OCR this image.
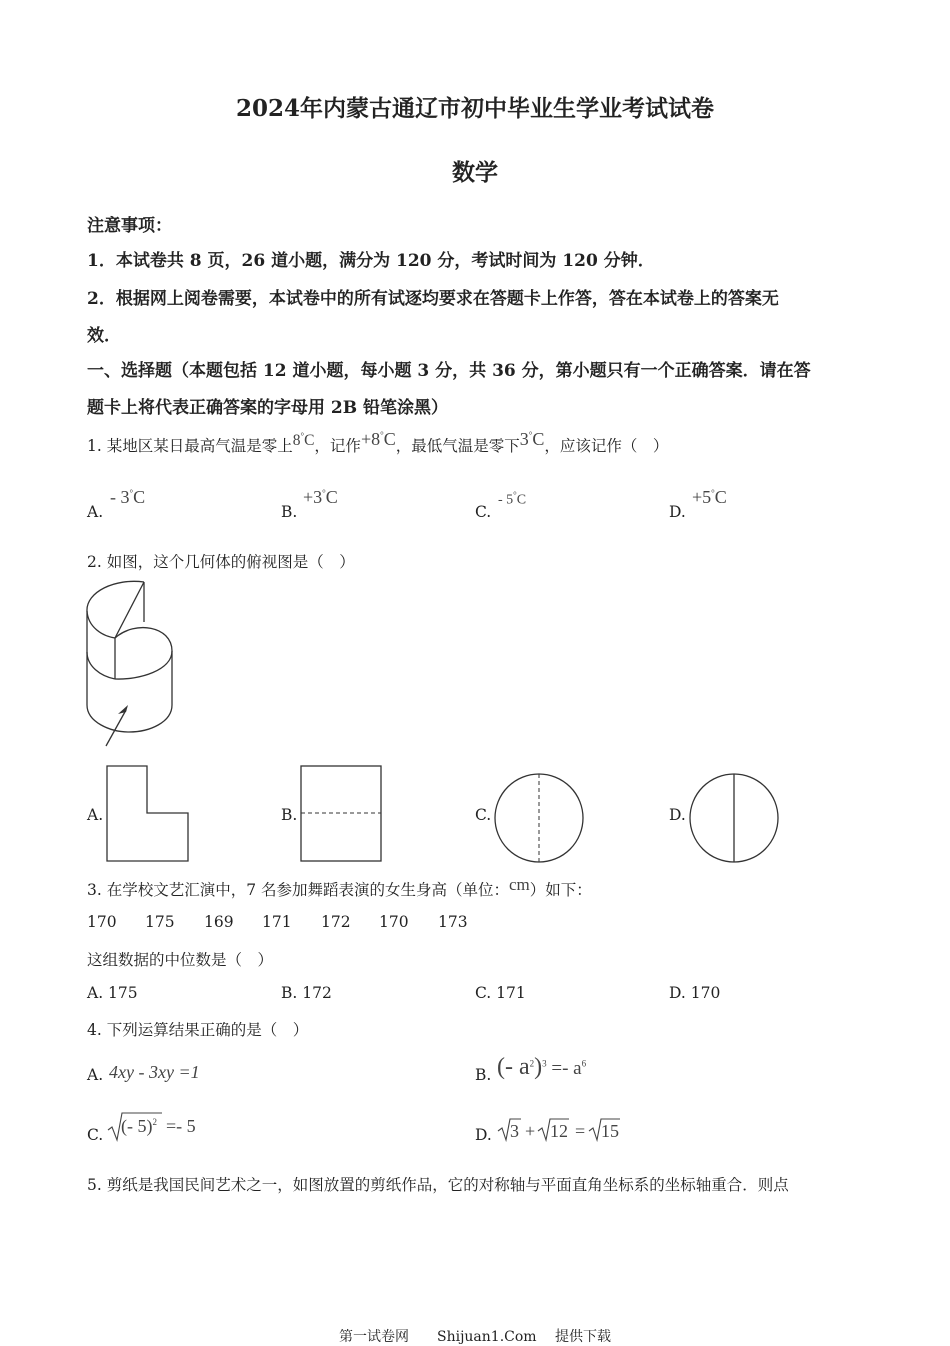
2024年内蒙古通辽市初中毕业生学业考试试卷
数学
注意事项：
1．本试卷共 8 页，26 道小题，满分为 120 分，考试时间为 120 分钟．
2．根据网上阅卷需要，本试卷中的所有试逐均要求在答题卡上作答，答在本试卷上的答案无
效．
一、选择题（本题包括 12 道小题，每小题 3 分，共 36 分，第小题只有一个正确答案．请在答
题卡上将代表正确答案的字母用 2B 铅笔涂黑）
1. 某地区某日最高气温是零上8°C，记作+8°C，最低气温是零下3°C，应该记作（　）
A.
- 3°C
B.
+3°C
C.
- 5°C
D.
+5°C
2. 如图，这个几何体的俯视图是（　）
A.	B.	C.	D.
3. 在学校文艺汇演中，7 名参加舞蹈表演的女生身高（单位：cm）如下：
170 175 169 171 172 170 173
这组数据的中位数是（　）
A. 175	B. 172	C. 171	D. 170
4. 下列运算结果正确的是（　）
A. 4xy - 3xy =1	B. (- $a^2)^3 =- a^6$
C. (- 5)$^2$ =- 5	D. 3 + 12 = 15
5. 剪纸是我国民间艺术之一，如图放置的剪纸作品，它的对称轴与平面直角坐标系的坐标轴重合．则点
第一试卷网　　Shijuan1.Com　 提供下载
